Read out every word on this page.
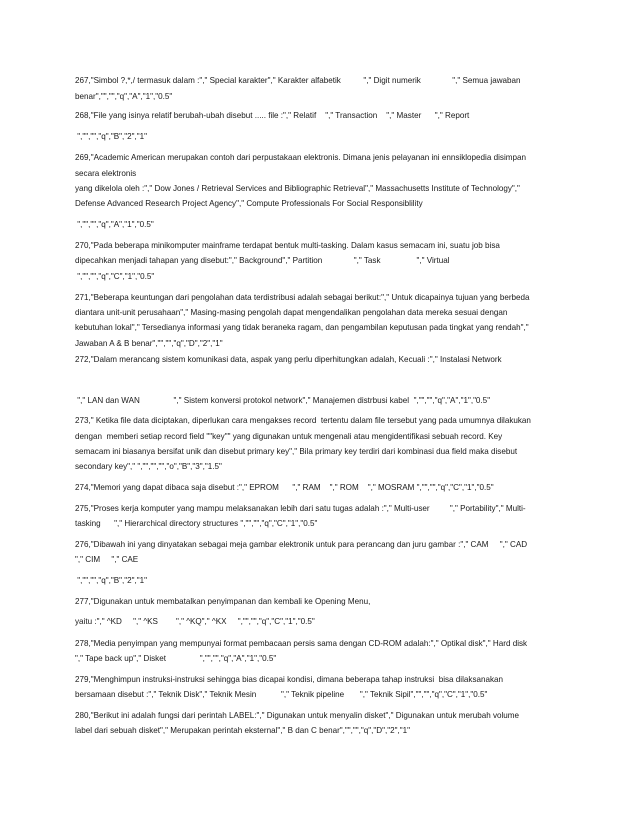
267,"Simbol ?,*,/ termasuk dalam :"," Special karakter"," Karakter alfabetik          "," Digit numerik              "," Semua jawaban

benar","","","q","A","1","0.5"

268,"File yang isinya relatif berubah-ubah disebut ..... file :"," Relatif    "," Transaction    "," Master      "," Report

","","","q","B","2","1"

269,"Academic American merupakan contoh dari perpustakaan elektronis. Dimana jenis pelayanan ini ennsiklopedia disimpan

secara elektronis

yang dikelola oleh :"," Dow Jones / Retrieval Services and Bibliographic Retrieval"," Massachusetts Institute of Technology","

Defense Advanced Research Project Agency"," Compute Professionals For Social Responsiblility

","","","q","A","1","0.5"

270,"Pada beberapa minikomputer mainframe terdapat bentuk multi-tasking. Dalam kasus semacam ini, suatu job bisa

dipecahkan menjadi tahapan yang disebut:"," Background"," Partition              "," Task                "," Virtual

","","","q","C","1","0.5"

271,"Beberapa keuntungan dari pengolahan data terdistribusi adalah sebagai berikut:"," Untuk dicapainya tujuan yang berbeda

diantara unit-unit perusahaan"," Masing-masing pengolah dapat mengendalikan pengolahan data mereka sesuai dengan

kebutuhan lokal"," Tersedianya informasi yang tidak beraneka ragam, dan pengambilan keputusan pada tingkat yang rendah","

Jawaban A & B benar","","","q","D","2","1"

272,"Dalam merancang sistem komunikasi data, aspak yang perlu diperhitungkan adalah, Kecuali :"," Instalasi Network

"," LAN dan WAN               "," Sistem konversi protokol network"," Manajemen distrbusi kabel  ","","","q","A","1","0.5"

273," Ketika file data diciptakan, diperlukan cara mengakses record  tertentu dalam file tersebut yang pada umumnya dilakukan

dengan  memberi setiap record field ""key"" yang digunakan untuk mengenali atau mengidentifikasi sebuah record. Key

semacam ini biasanya bersifat unik dan disebut primary key"," Bila primary key terdiri dari kombinasi dua field maka disebut

secondary key"," ","","","","o","B","3","1.5"

274,"Memori yang dapat dibaca saja disebut :"," EPROM      "," RAM    "," ROM    "," MOSRAM ","","","q","C","1","0.5"

275,"Proses kerja komputer yang mampu melaksanakan lebih dari satu tugas adalah :"," Multi-user         "," Portability"," Multi-

tasking      "," Hierarchical directory structures ","","","q","C","1","0.5"

276,"Dibawah ini yang dinyatakan sebagai meja gambar elektronik untuk para perancang dan juru gambar :"," CAM     "," CAD

"," CIM     "," CAE

","","","q","B","2","1"

277,"Digunakan untuk membatalkan penyimpanan dan kembali ke Opening Menu,

yaitu :"," ^KD     "," ^KS        "," ^KQ"," ^KX     ","","","q","C","1","0.5"

278,"Media penyimpan yang mempunyai format pembacaan persis sama dengan CD-ROM adalah:"," Optikal disk"," Hard disk

"," Tape back up"," Disket               ","","","q","A","1","0.5"

279,"Menghimpun instruksi-instruksi sehingga bias dicapai kondisi, dimana beberapa tahap instruksi  bisa dilaksanakan

bersamaan disebut :"," Teknik Disk"," Teknik Mesin           "," Teknik pipeline       "," Teknik Sipil","","","q","C","1","0.5"

280,"Berikut ini adalah fungsi dari perintah LABEL:"," Digunakan untuk menyalin disket"," Digunakan untuk merubah volume

label dari sebuah disket"," Merupakan perintah eksternal"," B dan C benar","","","q","D","2","1"
